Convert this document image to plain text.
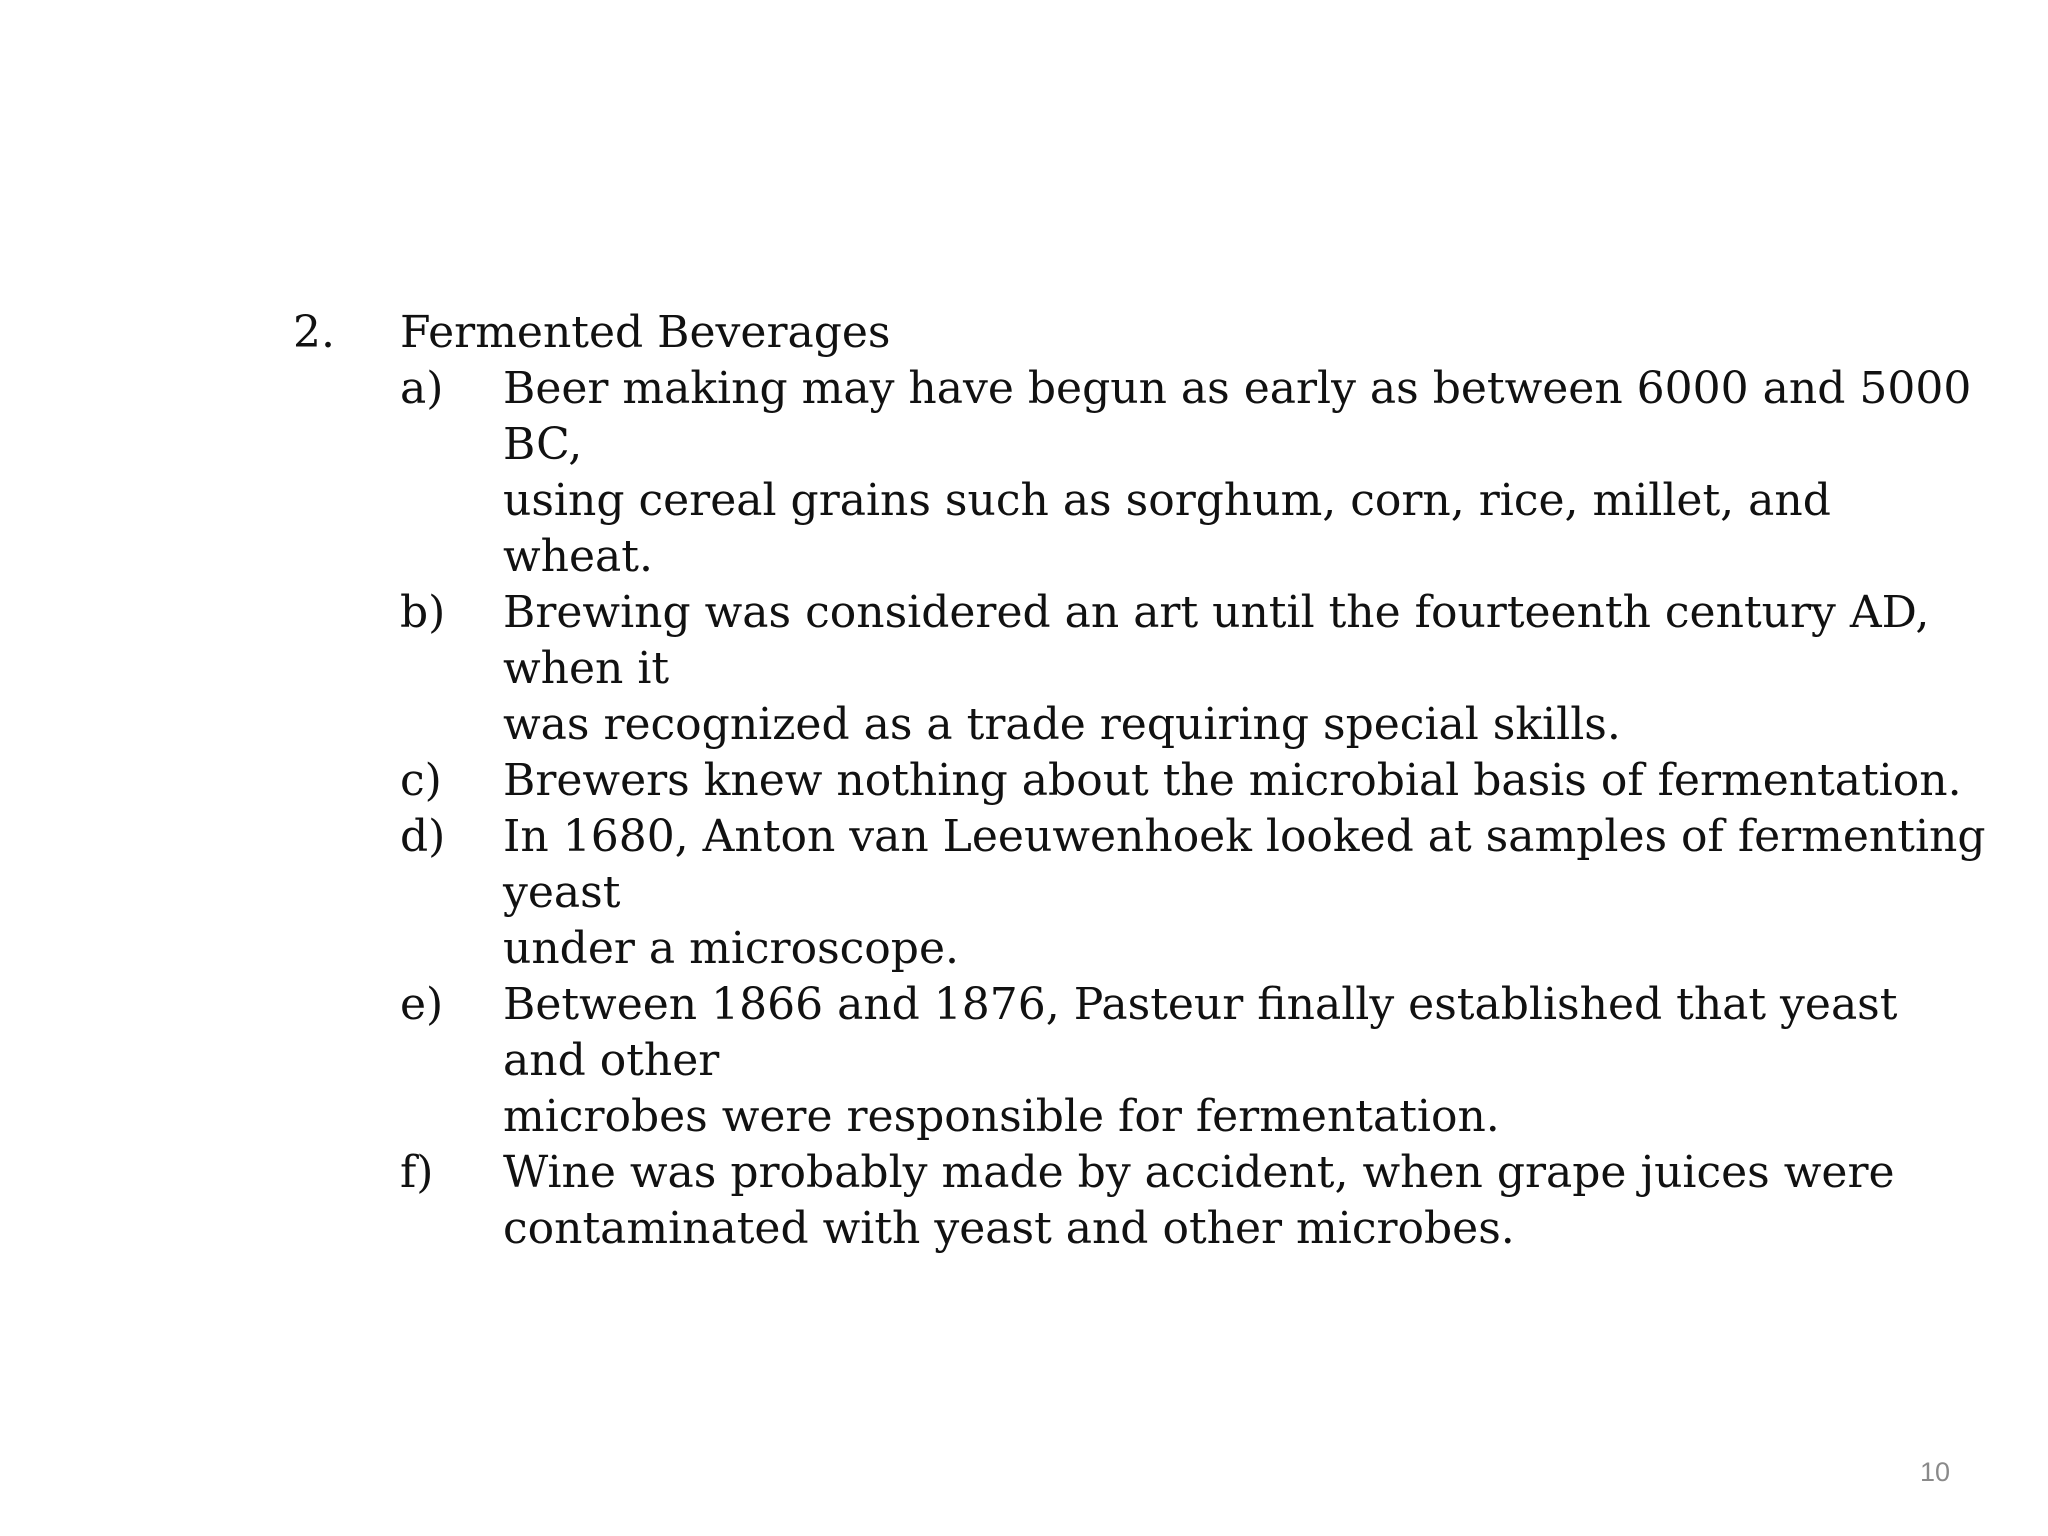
2. Fermented Beverages
a) Beer making may have begun as early as between 6000 and 5000 BC,
using cereal grains such as sorghum, corn, rice, millet, and wheat.
b) Brewing was considered an art until the fourteenth century AD, when it
was recognized as a trade requiring special skills.
c) Brewers knew nothing about the microbial basis of fermentation.
d) In 1680, Anton van Leeuwenhoek looked at samples of fermenting yeast
under a microscope.
e) Between 1866 and 1876, Pasteur finally established that yeast and other
microbes were responsible for fermentation.
f) Wine was probably made by accident, when grape juices were
contaminated with yeast and other microbes.
10
